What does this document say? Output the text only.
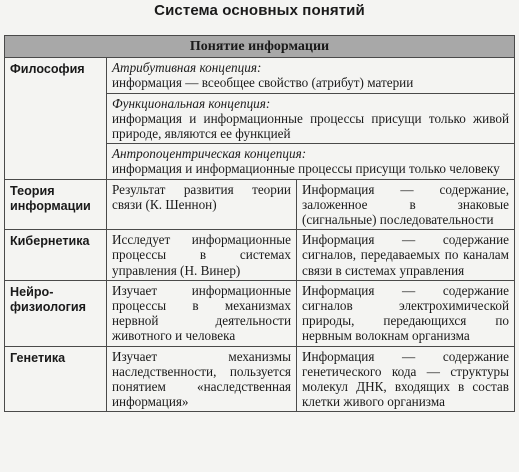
Система основных понятий
Понятие информации		
Философия	Атрибутивная концепция:
информация — всеобщее свойство (атрибут) материи	

	Функциональная концепция:
информация и информационные процессы присущи только живой природе, являются ее функцией	

	Антропоцентрическая концепция:
информация и информационные процессы присущи только человеку	
Теория информации	Результат развития теории связи (К. Шеннон)	Информация — содержание, заложенное в знаковые (сигнальные) последовательности
Кибернетика	Исследует информационные процессы в системах управления (Н. Винер)	Информация — содержание сигналов, передаваемых по каналам связи в системах управления
Нейро-физиология	Изучает информационные процессы в механизмах нервной деятельности животного и человека	Информация — содержание сигналов электрохимической природы, передающихся по нервным волокнам организма
Генетика	Изучает механизмы наследственности, пользуется понятием «наследственная информация»	Информация — содержание генетического кода — структуры молекул ДНК, входящих в состав клетки живого организма
